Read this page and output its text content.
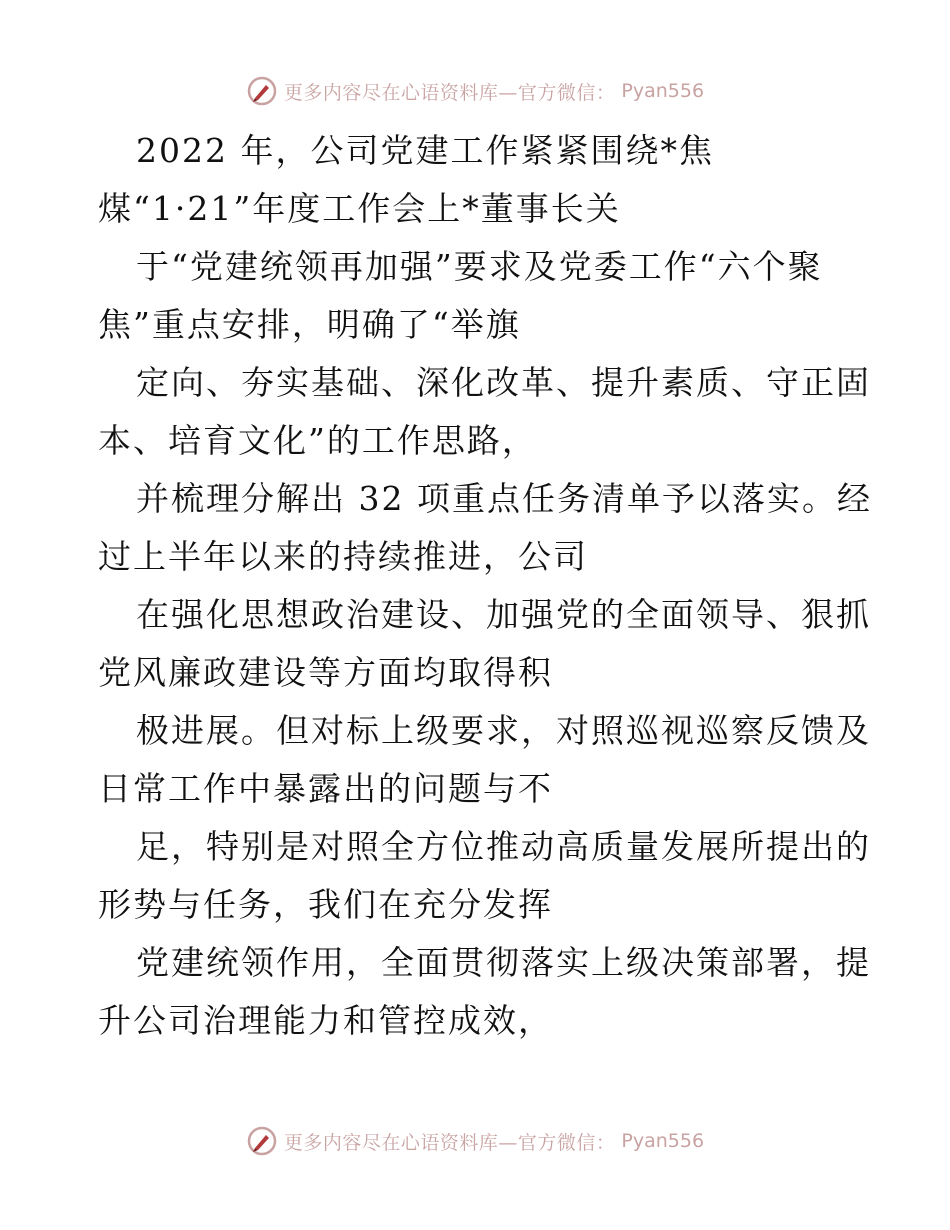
更多内容尽在心语资料库—官方微信： Pyan556
2022 年，公司党建工作紧紧围绕*焦
煤“1·21”年度工作会上*董事长关
于“党建统领再加强”要求及党委工作“六个聚
焦”重点安排，明确了“举旗
定向、夯实基础、深化改革、提升素质、守正固
本、培育文化”的工作思路，
并梳理分解出 32 项重点任务清单予以落实。经
过上半年以来的持续推进，公司
在强化思想政治建设、加强党的全面领导、狠抓
党风廉政建设等方面均取得积
极进展。但对标上级要求，对照巡视巡察反馈及
日常工作中暴露出的问题与不
足，特别是对照全方位推动高质量发展所提出的
形势与任务，我们在充分发挥
党建统领作用，全面贯彻落实上级决策部署，提
升公司治理能力和管控成效，
更多内容尽在心语资料库—官方微信： Pyan556
